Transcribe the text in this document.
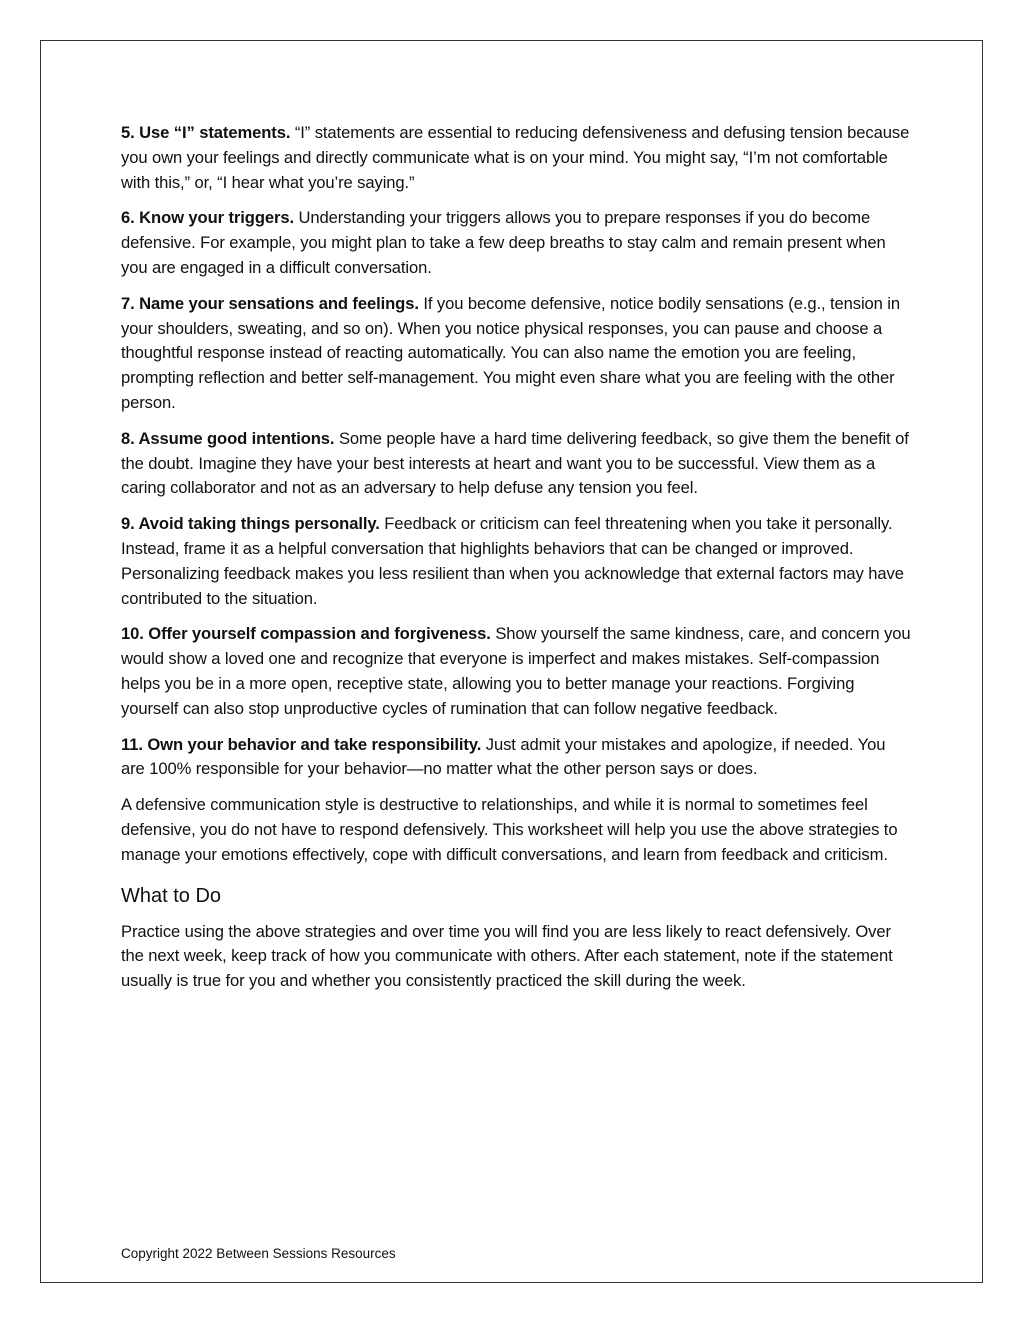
5. Use “I” statements. “I” statements are essential to reducing defensiveness and defusing tension because you own your feelings and directly communicate what is on your mind. You might say, “I’m not comfortable with this,” or, “I hear what you’re saying.”

6. Know your triggers. Understanding your triggers allows you to prepare responses if you do become defensive. For example, you might plan to take a few deep breaths to stay calm and remain present when you are engaged in a difficult conversation.

7. Name your sensations and feelings. If you become defensive, notice bodily sensations (e.g., tension in your shoulders, sweating, and so on). When you notice physical responses, you can pause and choose a thoughtful response instead of reacting automatically. You can also name the emotion you are feeling, prompting reflection and better self-management. You might even share what you are feeling with the other person.

8. Assume good intentions. Some people have a hard time delivering feedback, so give them the benefit of the doubt. Imagine they have your best interests at heart and want you to be successful. View them as a caring collaborator and not as an adversary to help defuse any tension you feel.

9. Avoid taking things personally. Feedback or criticism can feel threatening when you take it personally. Instead, frame it as a helpful conversation that highlights behaviors that can be changed or improved. Personalizing feedback makes you less resilient than when you acknowledge that external factors may have contributed to the situation.

10. Offer yourself compassion and forgiveness. Show yourself the same kindness, care, and concern you would show a loved one and recognize that everyone is imperfect and makes mistakes. Self-compassion helps you be in a more open, receptive state, allowing you to better manage your reactions. Forgiving yourself can also stop unproductive cycles of rumination that can follow negative feedback.

11. Own your behavior and take responsibility. Just admit your mistakes and apologize, if needed. You are 100% responsible for your behavior—no matter what the other person says or does.

A defensive communication style is destructive to relationships, and while it is normal to sometimes feel defensive, you do not have to respond defensively. This worksheet will help you use the above strategies to manage your emotions effectively, cope with difficult conversations, and learn from feedback and criticism.

What to Do

Practice using the above strategies and over time you will find you are less likely to react defensively. Over the next week, keep track of how you communicate with others. After each statement, note if the statement usually is true for you and whether you consistently practiced the skill during the week.

Copyright 2022 Between Sessions Resources
